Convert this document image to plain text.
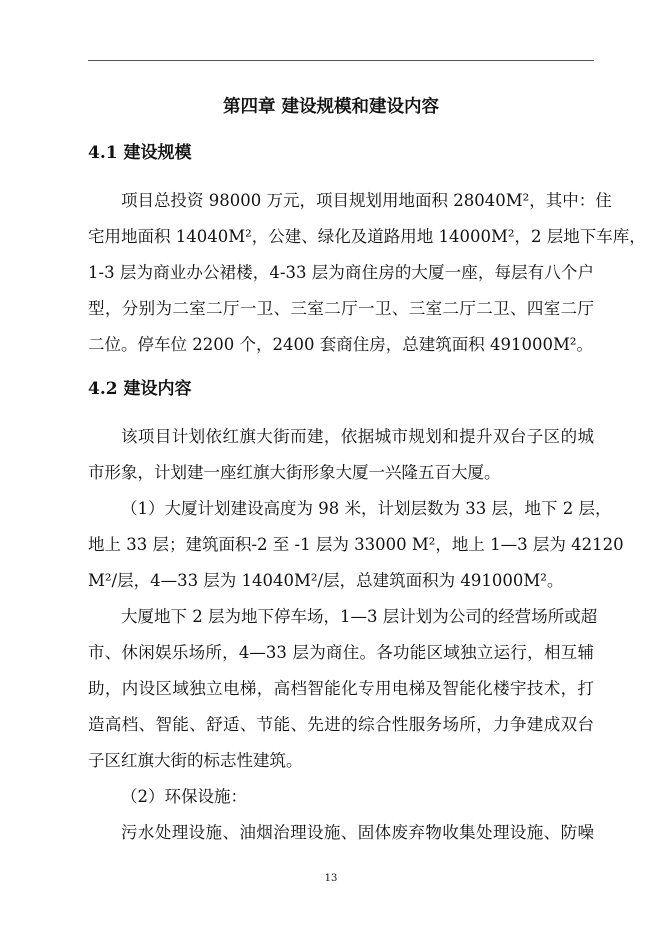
第四章 建设规模和建设内容
4.1 建设规模
项目总投资 98000 万元，项目规划用地面积 28040M²，其中：住
宅用地面积 14040M²，公建、绿化及道路用地 14000M²，2 层地下车库，
1-3 层为商业办公裙楼，4-33 层为商住房的大厦一座，每层有八个户
型，分别为二室二厅一卫、三室二厅一卫、三室二厅二卫、四室二厅
二位。停车位 2200 个，2400 套商住房，总建筑面积 491000M²。
4.2 建设内容
该项目计划依红旗大街而建，依据城市规划和提升双台子区的城
市形象，计划建一座红旗大街形象大厦一兴隆五百大厦。
（1）大厦计划建设高度为 98 米，计划层数为 33 层，地下 2 层，
地上 33 层；建筑面积-2 至 -1 层为 33000 M²，地上 1—3 层为 42120
M²/层，4—33 层为 14040M²/层，总建筑面积为 491000M²。
大厦地下 2 层为地下停车场，1—3 层计划为公司的经营场所或超
市、休闲娱乐场所，4—33 层为商住。各功能区域独立运行，相互辅
助，内设区域独立电梯，高档智能化专用电梯及智能化楼宇技术，打
造高档、智能、舒适、节能、先进的综合性服务场所，力争建成双台
子区红旗大街的标志性建筑。
（2）环保设施：
污水处理设施、油烟治理设施、固体废弃物收集处理设施、防噪
13
